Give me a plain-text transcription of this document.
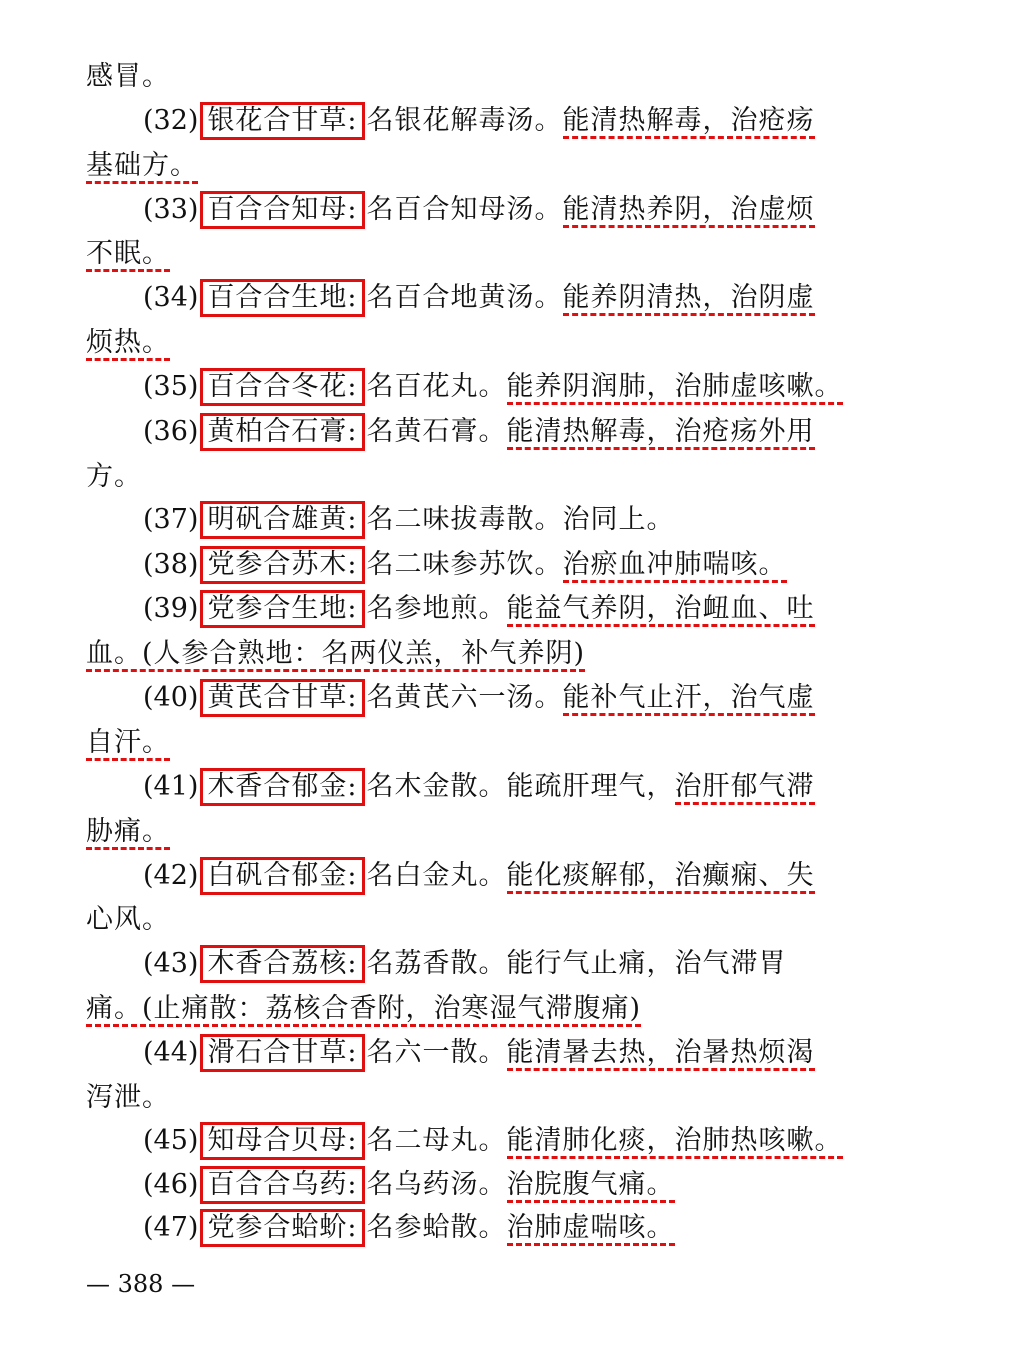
感冒。
(32) 银花合甘草: 名银花解毒汤。能清热解毒，治疮疡
基础方。
(33) 百合合知母: 名百合知母汤。能清热养阴，治虚烦
不眠。
(34) 百合合生地: 名百合地黄汤。能养阴清热，治阴虚
烦热。
(35) 百合合冬花: 名百花丸。能养阴润肺，治肺虚咳嗽。
(36) 黄柏合石膏: 名黄石膏。能清热解毒，治疮疡外用
方。
(37) 明矾合雄黄: 名二味拔毒散。治同上。
(38) 党参合苏木: 名二味参苏饮。治瘀血冲肺喘咳。
(39) 党参合生地: 名参地煎。能益气养阴，治衄血、吐
血。(人参合熟地：名两仪羔，补气养阴)
(40) 黄芪合甘草: 名黄芪六一汤。能补气止汗，治气虚
自汗。
(41) 木香合郁金: 名木金散。能疏肝理气，治肝郁气滞
胁痛。
(42) 白矾合郁金: 名白金丸。能化痰解郁，治癫痫、失
心风。
(43) 木香合荔核: 名荔香散。能行气止痛，治气滞胃
痛。(止痛散：荔核合香附，治寒湿气滞腹痛)
(44) 滑石合甘草: 名六一散。能清暑去热，治暑热烦渴
泻泄。
(45) 知母合贝母: 名二母丸。能清肺化痰，治肺热咳嗽。
(46) 百合合乌药: 名乌药汤。治脘腹气痛。
(47) 党参合蛤蚧: 名参蛤散。治肺虚喘咳。
— 388 —
